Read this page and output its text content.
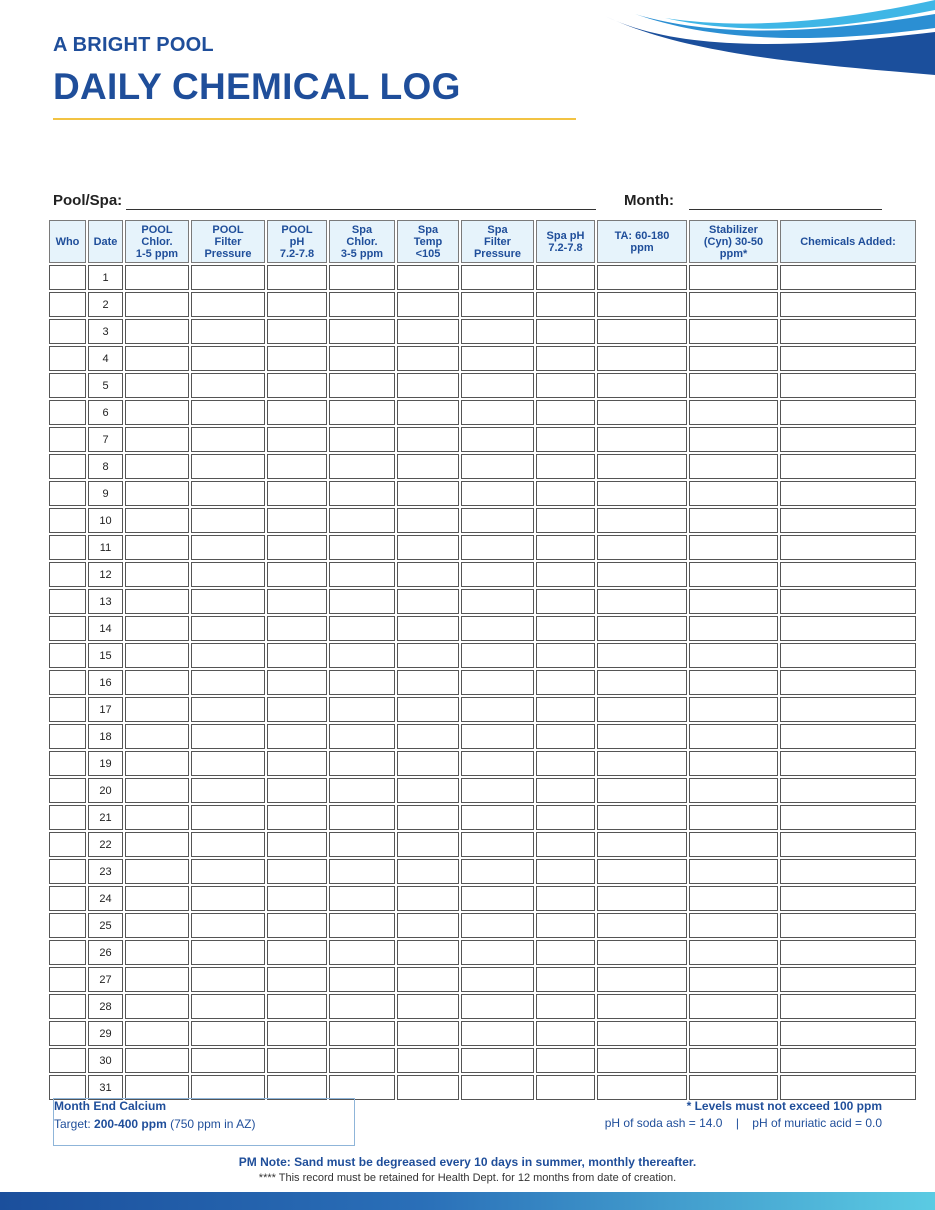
A BRIGHT POOL
DAILY CHEMICAL LOG
Pool/Spa:	Month:
Who	Date	POOL
Chlor.
1-5 ppm	POOL
Filter
Pressure	POOL
pH
7.2-7.8	Spa
Chlor.
3-5 ppm	Spa
Temp
<105	Spa
Filter
Pressure	Spa pH
7.2-7.8	TA: 60-180
ppm	Stabilizer
(Cyn) 30-50
ppm*	Chemicals Added:
	1										
	2										
	3										
	4										
	5										
	6										
	7										
	8										
	9										
	10										
	11										
	12										
	13										
	14										
	15										
	16										
	17										
	18										
	19										
	20										
	21										
	22										
	23										
	24										
	25										
	26										
	27										
	28										
	29										
	30										
	31										
Month End Calcium
Target: 200-400 ppm (750 ppm in AZ)
* Levels must not exceed 100 ppm
pH of soda ash = 14.0    |    pH of muriatic acid = 0.0
PM Note: Sand must be degreased every 10 days in summer, monthly thereafter.
**** This record must be retained for Health Dept. for 12 months from date of creation.
